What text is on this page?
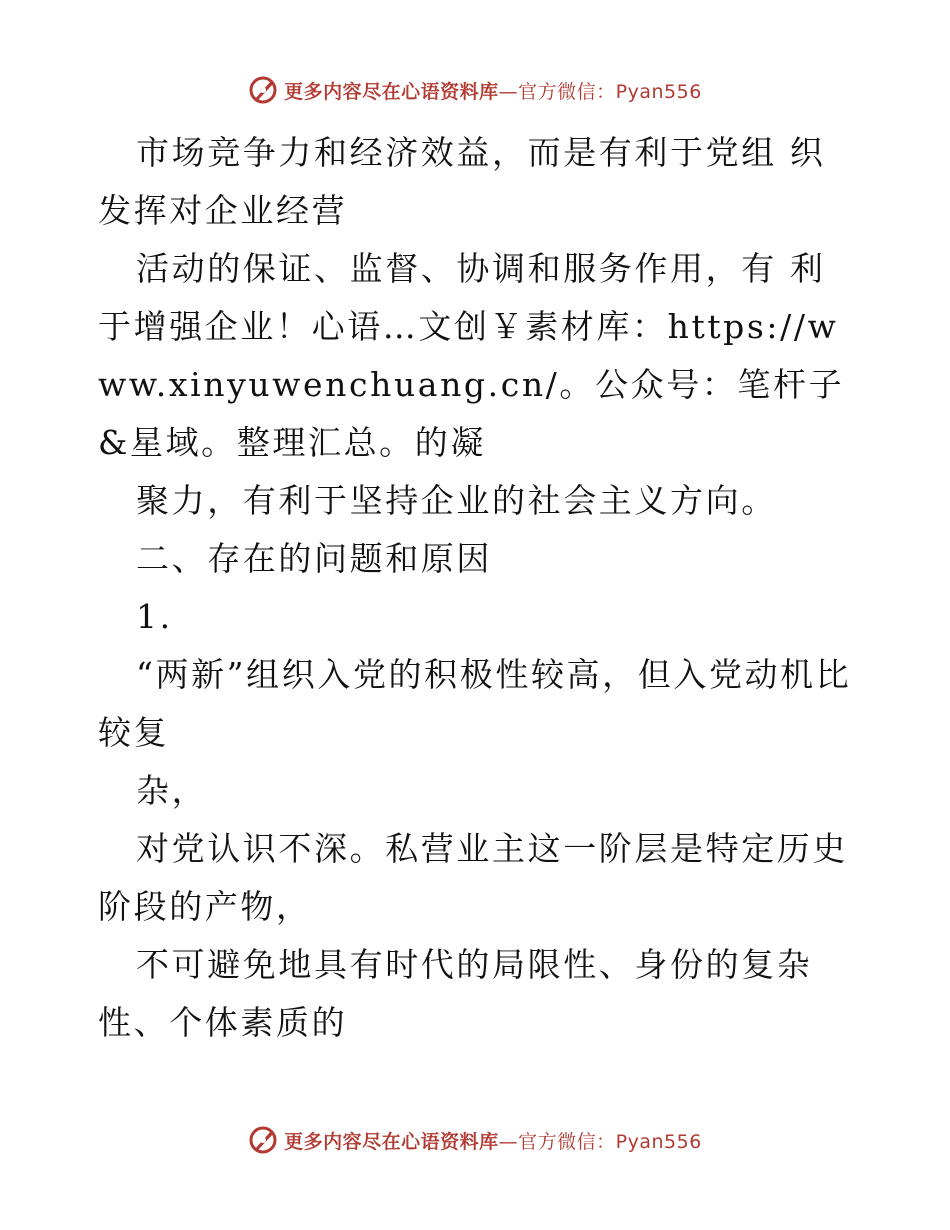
更多内容尽在心语资料库 —官方微信：Pyan556

市场竞争力和经济效益，而是有利于党组 织发挥对企业经营

活动的保证、监督、协调和服务作用，有 利于增强企业！心语…文创￥素材库：https://www.xinyuwenchuang.cn/。公众号：笔杆子&星域。整理汇总。的凝

聚力，有利于坚持企业的社会主义方向。

二、存在的问题和原因

1.

“两新”组织入党的积极性较高，但入党动机比较复

杂，

对党认识不深。私营业主这一阶层是特定历史阶段的产物，

不可避免地具有时代的局限性、身份的复杂性、个体素质的

更多内容尽在心语资料库 —官方微信：Pyan556
